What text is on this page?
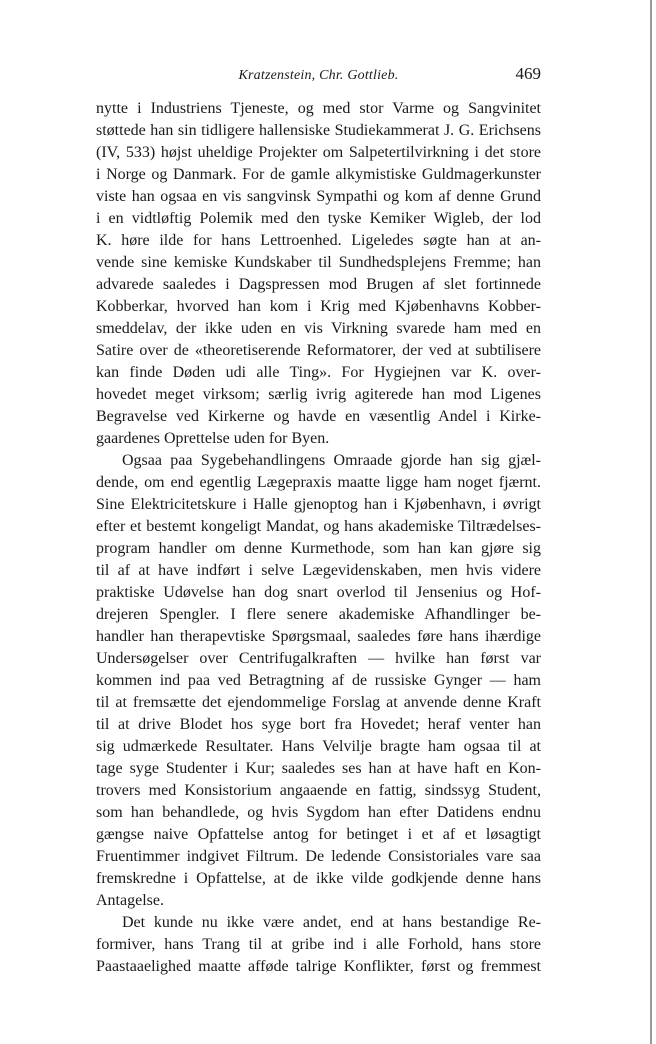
Kratzenstein, Chr. Gottlieb.	469
nytte i Industriens Tjeneste, og med stor Varme og Sangvinitet
støttede han sin tidligere hallensiske Studiekammerat J. G. Erichsens
(IV, 533) højst uheldige Projekter om Salpetertilvirkning i det store
i Norge og Danmark. For de gamle alkymistiske Guldmagerkunster
viste han ogsaa en vis sangvinsk Sympathi og kom af denne Grund
i en vidtløftig Polemik med den tyske Kemiker Wigleb, der lod
K. høre ilde for hans Lettroenhed. Ligeledes søgte han at an-
vende sine kemiske Kundskaber til Sundhedsplejens Fremme; han
advarede saaledes i Dagspressen mod Brugen af slet fortinnede
Kobberkar, hvorved han kom i Krig med Kjøbenhavns Kobber-
smeddelav, der ikke uden en vis Virkning svarede ham med en
Satire over de «theoretiserende Reformatorer, der ved at subtilisere
kan finde Døden udi alle Ting». For Hygiejnen var K. over-
hovedet meget virksom; særlig ivrig agiterede han mod Ligenes
Begravelse ved Kirkerne og havde en væsentlig Andel i Kirke-
gaardenes Oprettelse uden for Byen.
Ogsaa paa Sygebehandlingens Omraade gjorde han sig gjæl-
dende, om end egentlig Lægepraxis maatte ligge ham noget fjærnt.
Sine Elektricitetskure i Halle gjenoptog han i Kjøbenhavn, i øvrigt
efter et bestemt kongeligt Mandat, og hans akademiske Tiltrædelses-
program handler om denne Kurmethode, som han kan gjøre sig
til af at have indført i selve Lægevidenskaben, men hvis videre
praktiske Udøvelse han dog snart overlod til Jensenius og Hof-
drejeren Spengler. I flere senere akademiske Afhandlinger be-
handler han therapevtiske Spørgsmaal, saaledes føre hans ihærdige
Undersøgelser over Centrifugalkraften — hvilke han først var
kommen ind paa ved Betragtning af de russiske Gynger — ham
til at fremsætte det ejendommelige Forslag at anvende denne Kraft
til at drive Blodet hos syge bort fra Hovedet; heraf venter han
sig udmærkede Resultater. Hans Velvilje bragte ham ogsaa til at
tage syge Studenter i Kur; saaledes ses han at have haft en Kon-
trovers med Konsistorium angaaende en fattig, sindssyg Student,
som han behandlede, og hvis Sygdom han efter Datidens endnu
gængse naive Opfattelse antog for betinget i et af et løsagtigt
Fruentimmer indgivet Filtrum. De ledende Consistoriales vare saa
fremskredne i Opfattelse, at de ikke vilde godkjende denne hans
Antagelse.
Det kunde nu ikke være andet, end at hans bestandige Re-
formiver, hans Trang til at gribe ind i alle Forhold, hans store
Paastaaelighed maatte afføde talrige Konflikter, først og fremmest
